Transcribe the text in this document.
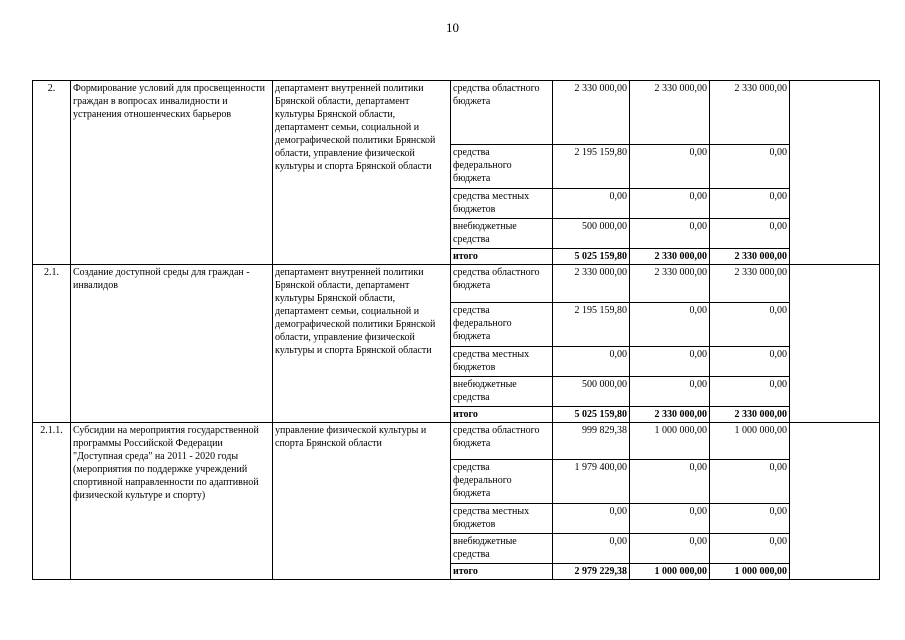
10
2.	Формирование условий для просвещенности граждан в вопросах инвалидности и устранения отношенческих барьеров	департамент внутренней политики Брянской области, департамент культуры Брянской области, департамент семьи, социальной и демографической политики Брянской области, управление физической культуры и спорта Брянской области	средства областного бюджета	2 330 000,00	2 330 000,00	2 330 000,00	
			средства федерального бюджета	2 195 159,80	0,00	0,00	
			средства местных бюджетов	0,00	0,00	0,00	
			внебюджетные средства	500 000,00	0,00	0,00	
			итого	5 025 159,80	2 330 000,00	2 330 000,00	
2.1.	Создание доступной среды для граждан - инвалидов	департамент внутренней политики Брянской области, департамент культуры Брянской области, департамент семьи, социальной и демографической политики Брянской области, управление физической культуры и спорта Брянской области	средства областного бюджета	2 330 000,00	2 330 000,00	2 330 000,00	
			средства федерального бюджета	2 195 159,80	0,00	0,00	
			средства местных бюджетов	0,00	0,00	0,00	
			внебюджетные средства	500 000,00	0,00	0,00	
			итого	5 025 159,80	2 330 000,00	2 330 000,00	
2.1.1.	Субсидии на мероприятия государственной программы Российской Федерации "Доступная среда" на 2011 - 2020 годы (мероприятия по поддержке учреждений спортивной направленности по адаптивной физической культуре и спорту)	управление физической культуры и спорта Брянской области	средства областного бюджета	999 829,38	1 000 000,00	1 000 000,00	
			средства федерального бюджета	1 979 400,00	0,00	0,00	
			средства местных бюджетов	0,00	0,00	0,00	
			внебюджетные средства	0,00	0,00	0,00	
			итого	2 979 229,38	1 000 000,00	1 000 000,00	
